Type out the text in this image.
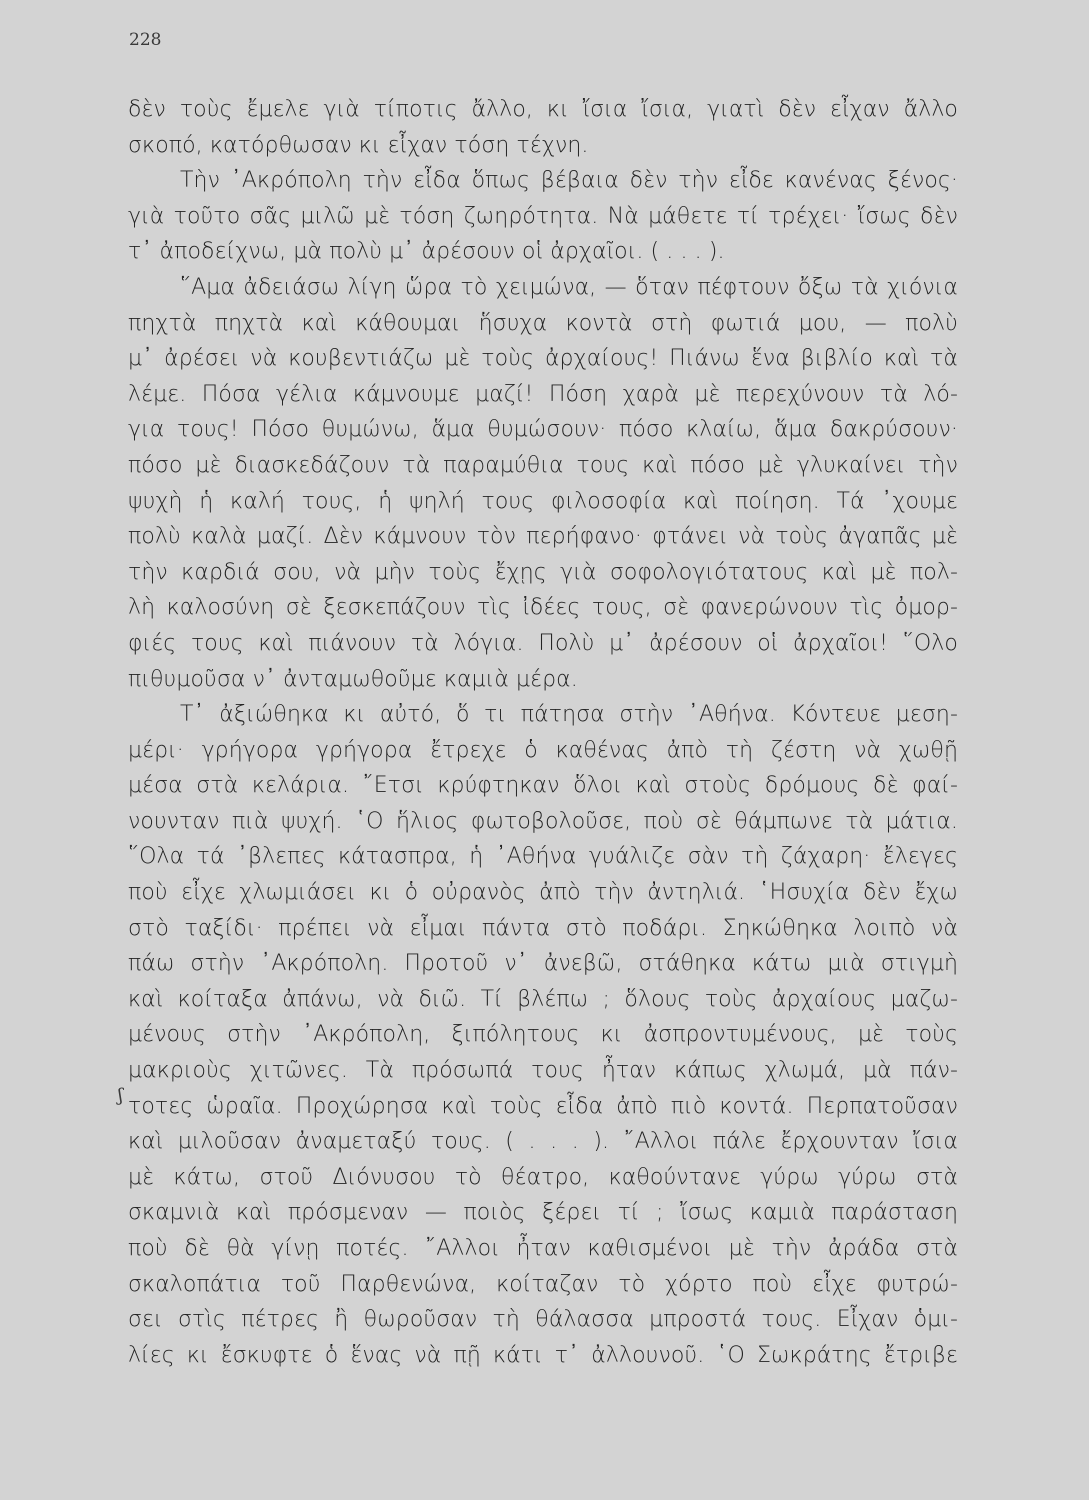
228
δὲν τοὺς ἔμελε γιὰ τίποτις ἄλλο, κι ἴσια ἴσια, γιατὶ δὲν εἶχαν ἄλλο
σκοπό, κατόρθωσαν κι εἶχαν τόση τέχνη.
Τὴν ᾿Ακρόπολη τὴν εἶδα ὅπως βέβαια δὲν τὴν εἶδε κανένας ξένος·
γιὰ τοῦτο σᾶς μιλῶ μὲ τόση ζωηρότητα. Νὰ μάθετε τί τρέχει· ἴσως δὲν
τ᾿ ἀποδείχνω, μὰ πολὺ μ᾿ ἀρέσουν οἱ ἀρχαῖοι. ( . . . ).
῞Αμα ἀδειάσω λίγη ὥρα τὸ χειμώνα, — ὅταν πέφτουν ὄξω τὰ χιόνια
πηχτὰ πηχτὰ καὶ κάθουμαι ἥσυχα κοντὰ στὴ φωτιά μου, — πολὺ
μ᾿ ἀρέσει νὰ κουβεντιάζω μὲ τοὺς ἀρχαίους! Πιάνω ἕνα βιβλίο καὶ τὰ
λέμε. Πόσα γέλια κάμνουμε μαζί! Πόση χαρὰ μὲ περεχύνουν τὰ λό-
για τους! Πόσο θυμώνω, ἅμα θυμώσουν· πόσο κλαίω, ἅμα δακρύσουν·
πόσο μὲ διασκεδάζουν τὰ παραμύθια τους καὶ πόσο μὲ γλυκαίνει τὴν
ψυχὴ ἡ καλή τους, ἡ ψηλή τους φιλοσοφία καὶ ποίηση. Τά ᾿χουμε
πολὺ καλὰ μαζί. Δὲν κάμνουν τὸν περήφανο· φτάνει νὰ τοὺς ἀγαπᾶς μὲ
τὴν καρδιά σου, νὰ μὴν τοὺς ἔχῃς γιὰ σοφολογιότατους καὶ μὲ πολ-
λὴ καλοσύνη σὲ ξεσκεπάζουν τὶς ἰδέες τους, σὲ φανερώνουν τὶς ὀμορ-
φιές τους καὶ πιάνουν τὰ λόγια. Πολὺ μ᾿ ἀρέσουν οἱ ἀρχαῖοι! ῞Ολο
πιθυμοῦσα ν᾿ ἀνταμωθοῦμε καμιὰ μέρα.
Τ᾿ ἀξιώθηκα κι αὐτό, ὅ τι πάτησα στὴν ᾿Αθήνα. Κόντευε μεση-
μέρι· γρήγορα γρήγορα ἔτρεχε ὁ καθένας ἀπὸ τὴ ζέστη νὰ χωθῇ
μέσα στὰ κελάρια. ῎Ετσι κρύφτηκαν ὅλοι καὶ στοὺς δρόμους δὲ φαί-
νουνταν πιὰ ψυχή. ῾Ο ἥλιος φωτοβολοῦσε, ποὺ σὲ θάμπωνε τὰ μάτια.
῞Ολα τά ᾿βλεπες κάτασπρα, ἡ ᾿Αθήνα γυάλιζε σὰν τὴ ζάχαρη· ἔλεγες
ποὺ εἶχε χλωμιάσει κι ὁ οὐρανὸς ἀπὸ τὴν ἀντηλιά. ῾Ησυχία δὲν ἔχω
στὸ ταξίδι· πρέπει νὰ εἶμαι πάντα στὸ ποδάρι. Σηκώθηκα λοιπὸ νὰ
πάω στὴν ᾿Ακρόπολη. Προτοῦ ν᾿ ἀνεβῶ, στάθηκα κάτω μιὰ στιγμὴ
καὶ κοίταξα ἀπάνω, νὰ διῶ. Τί βλέπω ; ὅλους τοὺς ἀρχαίους μαζω-
μένους στὴν ᾿Ακρόπολη, ξιπόλητους κι ἀσπροντυμένους, μὲ τοὺς
μακριοὺς χιτῶνες. Τὰ πρόσωπά τους ἦταν κάπως χλωμά, μὰ πάν-
τοτες ὡραῖα. Προχώρησα καὶ τοὺς εἶδα ἀπὸ πιὸ κοντά. Περπατοῦσαν
καὶ μιλοῦσαν ἀναμεταξύ τους. ( . . . ). ῎Αλλοι πάλε ἔρχουνταν ἴσια
μὲ κάτω, στοῦ Διόνυσου τὸ θέατρο, καθούντανε γύρω γύρω στὰ
σκαμνιὰ καὶ πρόσμεναν — ποιὸς ξέρει τί ; ἴσως καμιὰ παράσταση
ποὺ δὲ θὰ γίνῃ ποτές. ῎Αλλοι ἦταν καθισμένοι μὲ τὴν ἀράδα στὰ
σκαλοπάτια τοῦ Παρθενώνα, κοίταζαν τὸ χόρτο ποὺ εἶχε φυτρώ-
σει στὶς πέτρες ἢ θωροῦσαν τὴ θάλασσα μπροστά τους. Εἶχαν ὁμι-
λίες κι ἔσκυφτε ὁ ἕνας νὰ πῇ κάτι τ᾿ ἀλλουνοῦ. ῾Ο Σωκράτης ἔτριβε
ʃ
